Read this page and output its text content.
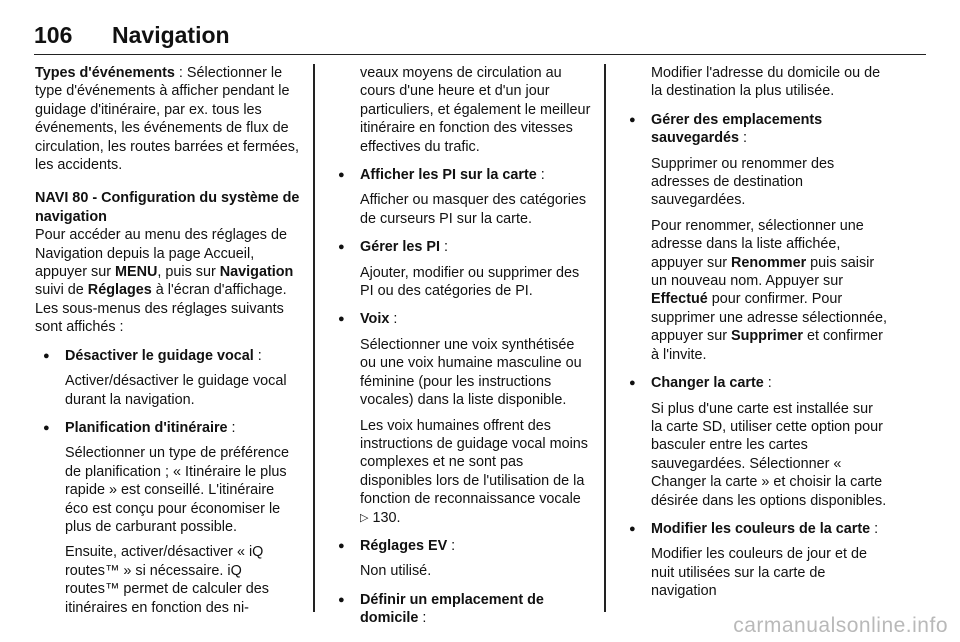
106 Navigation

Types d'événements : Sélectionner le type d'événements à afficher pendant le guidage d'itinéraire, par ex. tous les événements, les événements de flux de circulation, les routes barrées et fermées, les accidents.

NAVI 80 - Configuration du système de navigation

Pour accéder au menu des réglages de Navigation depuis la page Accueil, appuyer sur MENU, puis sur Navigation suivi de Réglages à l'écran d'affichage. Les sous-menus des réglages suivants sont affichés :

● Désactiver le guidage vocal :

Activer/désactiver le guidage vocal durant la navigation.

● Planification d'itinéraire :

Sélectionner un type de préférence de planification ; « Itinéraire le plus rapide » est conseillé. L'itinéraire éco est conçu pour économiser le plus de carburant possible.

Ensuite, activer/désactiver « iQ routes™ » si nécessaire. iQ routes™ permet de calculer des itinéraires en fonction des ni-

veaux moyens de circulation au cours d'une heure et d'un jour particuliers, et également le meilleur itinéraire en fonction des vitesses effectives du trafic.

● Afficher les PI sur la carte :

Afficher ou masquer des catégories de curseurs PI sur la carte.

● Gérer les PI :

Ajouter, modifier ou supprimer des PI ou des catégories de PI.

● Voix :

Sélectionner une voix synthétisée ou une voix humaine masculine ou féminine (pour les instructions vocales) dans la liste disponible.

Les voix humaines offrent des instructions de guidage vocal moins complexes et ne sont pas disponibles lors de l'utilisation de la fonction de reconnaissance vocale ▷ 130.

● Réglages EV :

Non utilisé.

● Définir un emplacement de domicile :

Modifier l'adresse du domicile ou de la destination la plus utilisée.

● Gérer des emplacements sauvegardés :

Supprimer ou renommer des adresses de destination sauvegardées.

Pour renommer, sélectionner une adresse dans la liste affichée, appuyer sur Renommer puis saisir un nouveau nom. Appuyer sur Effectué pour confirmer. Pour supprimer une adresse sélectionnée, appuyer sur Supprimer et confirmer à l'invite.

● Changer la carte :

Si plus d'une carte est installée sur la carte SD, utiliser cette option pour basculer entre les cartes sauvegardées. Sélectionner « Changer la carte » et choisir la carte désirée dans les options disponibles.

● Modifier les couleurs de la carte :

Modifier les couleurs de jour et de nuit utilisées sur la carte de navigation

carmanualsonline.info
